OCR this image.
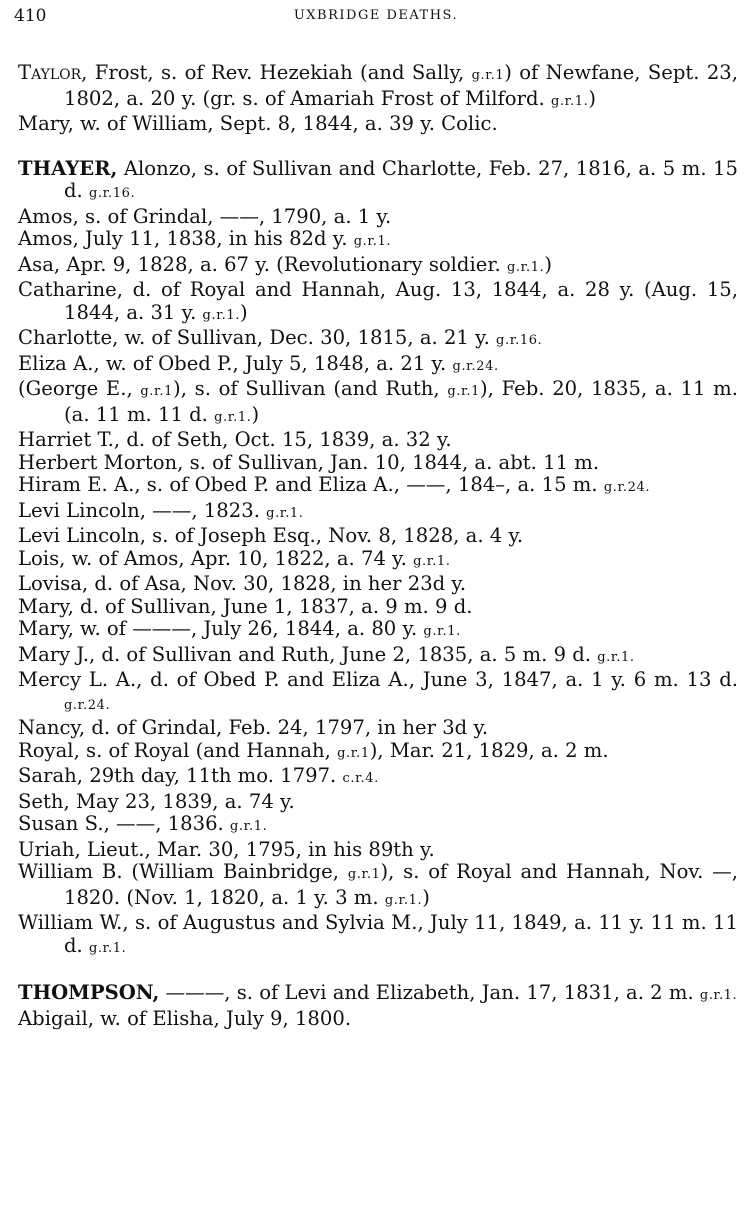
410	UXBRIDGE DEATHS.
Taylor, Frost, s. of Rev. Hezekiah (and Sally, g.r.1) of Newfane, Sept. 23, 1802, a. 20 y. (gr. s. of Amariah Frost of Milford. g.r.1.)
Mary, w. of William, Sept. 8, 1844, a. 39 y. Colic.
THAYER, Alonzo, s. of Sullivan and Charlotte, Feb. 27, 1816, a. 5 m. 15 d. g.r.16.
Amos, s. of Grindal, ——, 1790, a. 1 y.
Amos, July 11, 1838, in his 82d y. g.r.1.
Asa, Apr. 9, 1828, a. 67 y. (Revolutionary soldier. g.r.1.)
Catharine, d. of Royal and Hannah, Aug. 13, 1844, a. 28 y. (Aug. 15, 1844, a. 31 y. g.r.1.)
Charlotte, w. of Sullivan, Dec. 30, 1815, a. 21 y. g.r.16.
Eliza A., w. of Obed P., July 5, 1848, a. 21 y. g.r.24.
(George E., g.r.1), s. of Sullivan (and Ruth, g.r.1), Feb. 20, 1835, a. 11 m. (a. 11 m. 11 d. g.r.1.)
Harriet T., d. of Seth, Oct. 15, 1839, a. 32 y.
Herbert Morton, s. of Sullivan, Jan. 10, 1844, a. abt. 11 m.
Hiram E. A., s. of Obed P. and Eliza A., ——, 184–, a. 15 m. g.r.24.
Levi Lincoln, ——, 1823. g.r.1.
Levi Lincoln, s. of Joseph Esq., Nov. 8, 1828, a. 4 y.
Lois, w. of Amos, Apr. 10, 1822, a. 74 y. g.r.1.
Lovisa, d. of Asa, Nov. 30, 1828, in her 23d y.
Mary, d. of Sullivan, June 1, 1837, a. 9 m. 9 d.
Mary, w. of ———, July 26, 1844, a. 80 y. g.r.1.
Mary J., d. of Sullivan and Ruth, June 2, 1835, a. 5 m. 9 d. g.r.1.
Mercy L. A., d. of Obed P. and Eliza A., June 3, 1847, a. 1 y. 6 m. 13 d. g.r.24.
Nancy, d. of Grindal, Feb. 24, 1797, in her 3d y.
Royal, s. of Royal (and Hannah, g.r.1), Mar. 21, 1829, a. 2 m.
Sarah, 29th day, 11th mo. 1797. c.r.4.
Seth, May 23, 1839, a. 74 y.
Susan S., ——, 1836. g.r.1.
Uriah, Lieut., Mar. 30, 1795, in his 89th y.
William B. (William Bainbridge, g.r.1), s. of Royal and Hannah, Nov. —, 1820. (Nov. 1, 1820, a. 1 y. 3 m. g.r.1.)
William W., s. of Augustus and Sylvia M., July 11, 1849, a. 11 y. 11 m. 11 d. g.r.1.
THOMPSON, ———, s. of Levi and Elizabeth, Jan. 17, 1831, a. 2 m. g.r.1.
Abigail, w. of Elisha, July 9, 1800.
